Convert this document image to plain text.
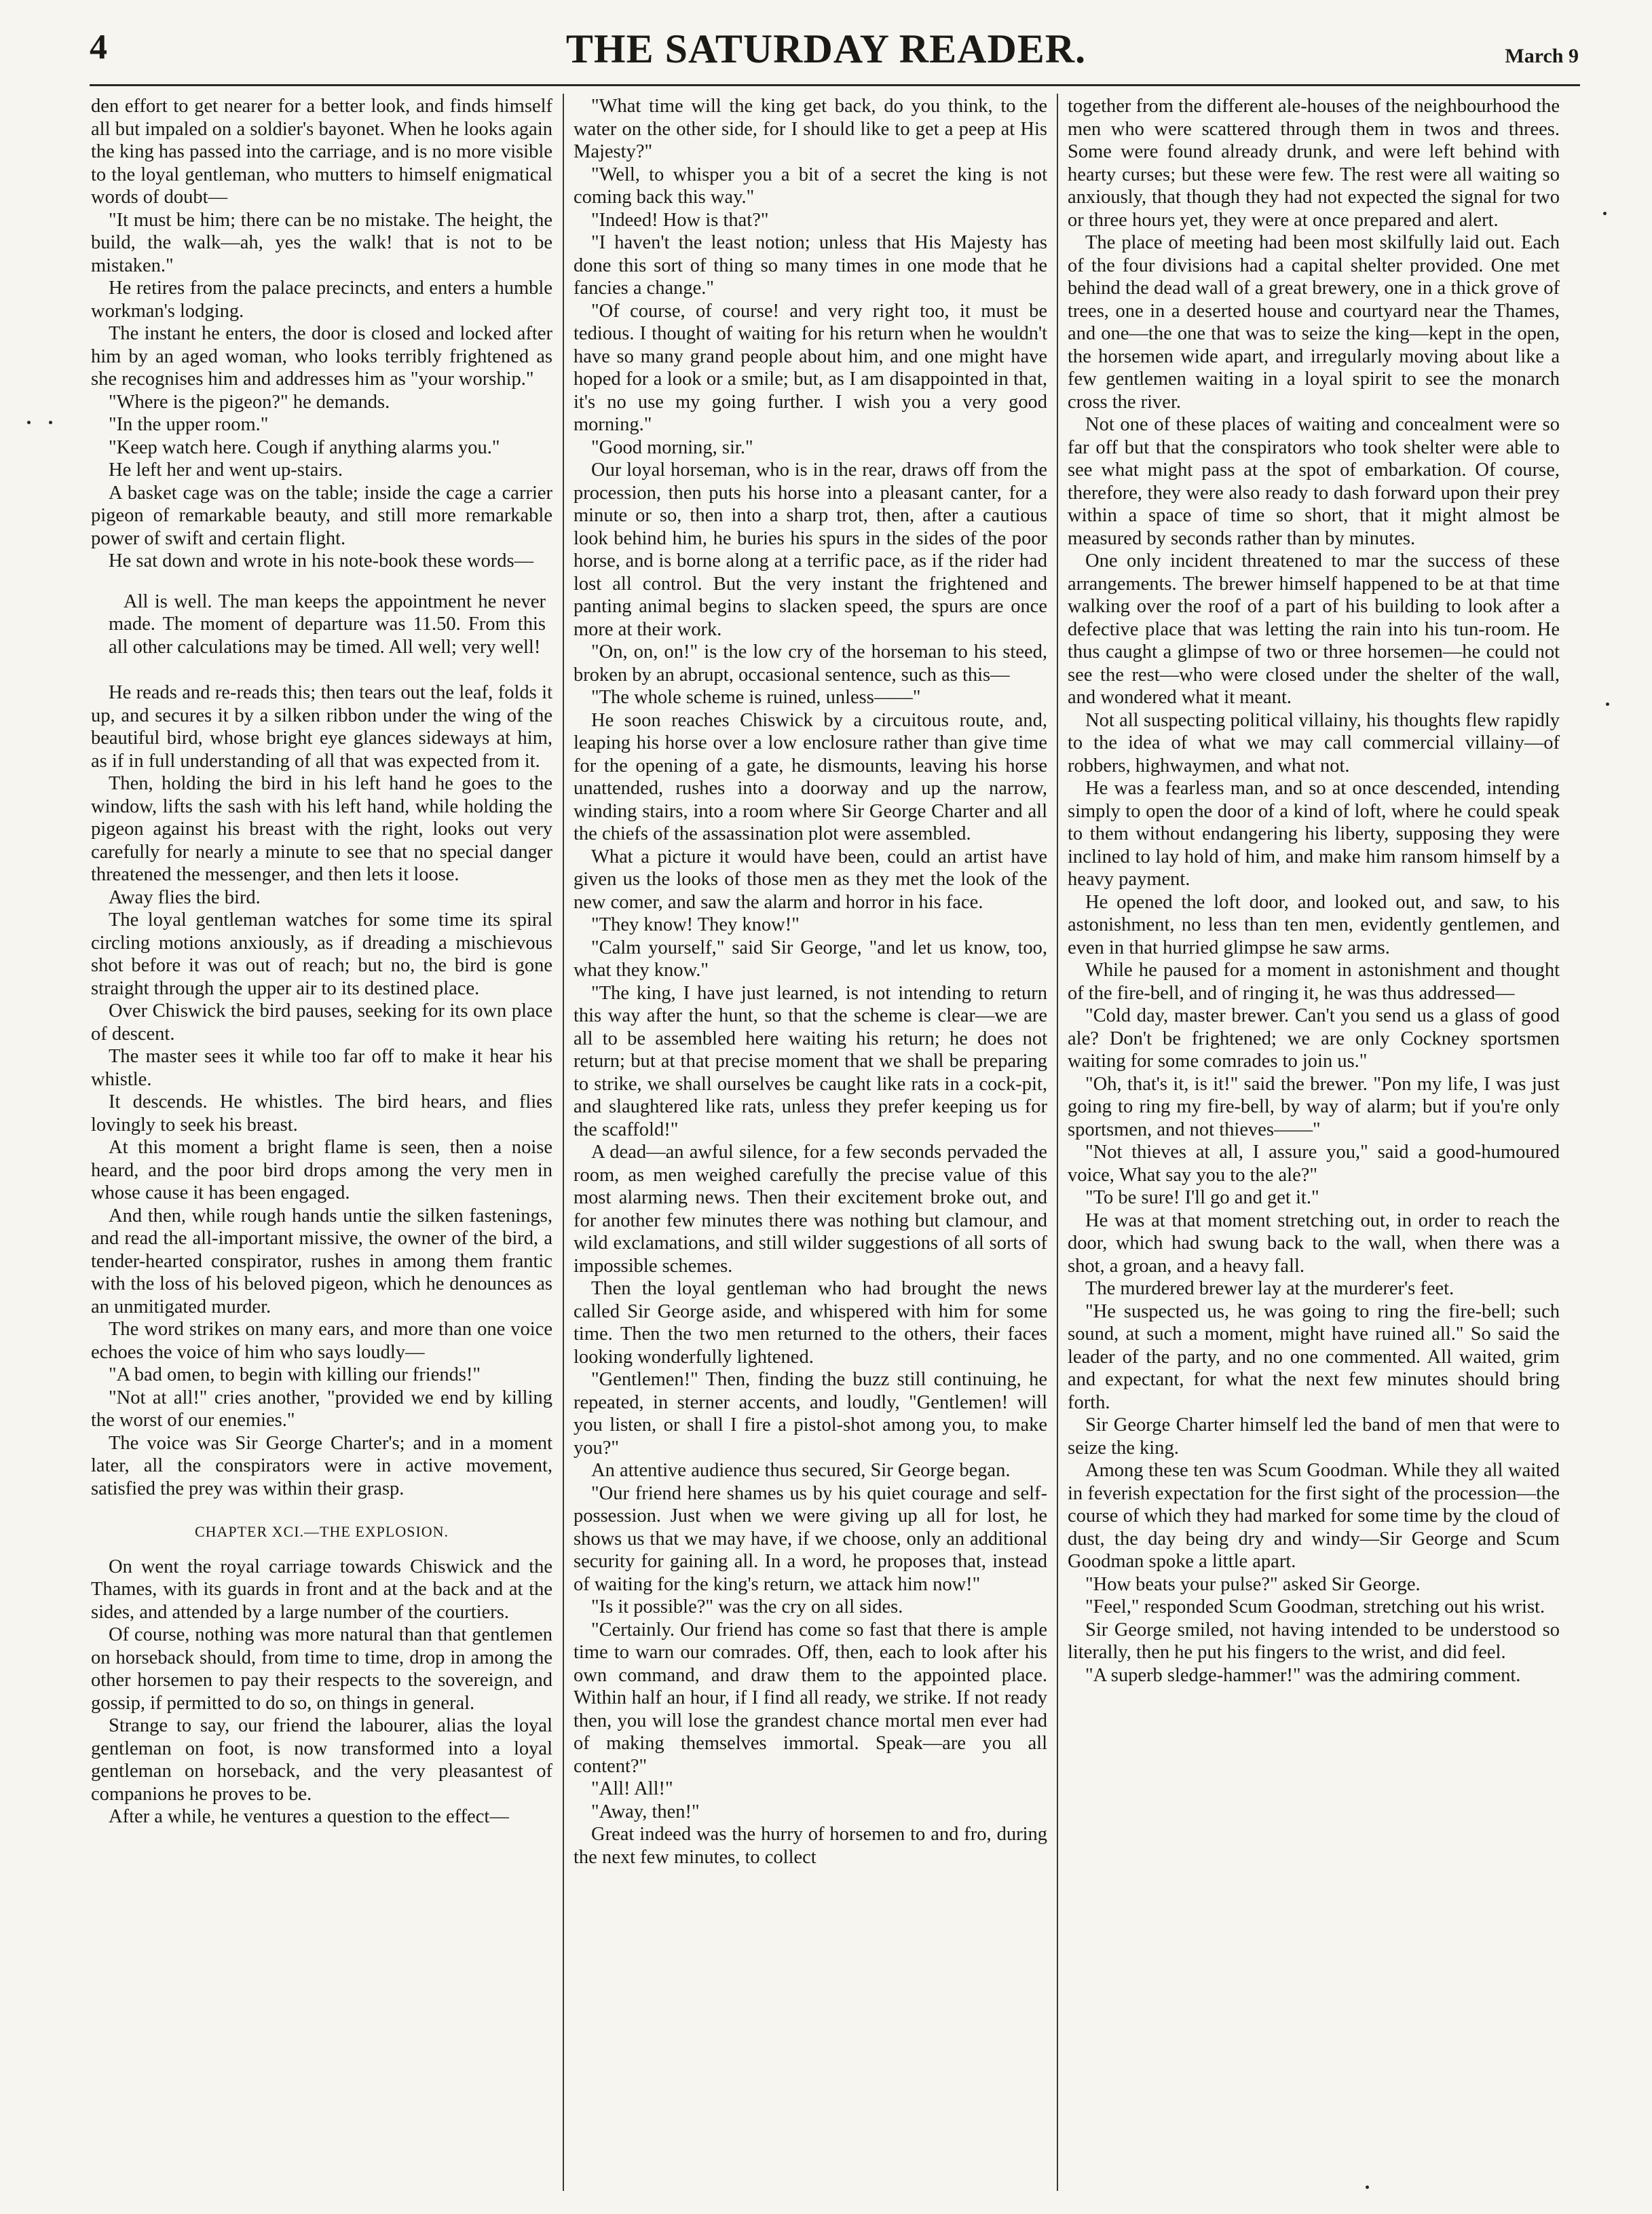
4	THE SATURDAY READER.	March 9

den effort to get nearer for a better look, and finds himself all but impaled on a soldier's bayonet. When he looks again the king has passed into the carriage, and is no more visible to the loyal gentleman, who mutters to himself enigmatical words of doubt—

"It must be him; there can be no mistake. The height, the build, the walk—ah, yes the walk! that is not to be mistaken."

He retires from the palace precincts, and enters a humble workman's lodging.

The instant he enters, the door is closed and locked after him by an aged woman, who looks terribly frightened as she recognises him and addresses him as "your worship."

"Where is the pigeon?" he demands.

"In the upper room."

"Keep watch here. Cough if anything alarms you."

He left her and went up-stairs.

A basket cage was on the table; inside the cage a carrier pigeon of remarkable beauty, and still more remarkable power of swift and certain flight.

He sat down and wrote in his note-book these words—

All is well. The man keeps the appointment he never made. The moment of departure was 11.50. From this all other calculations may be timed. All well; very well!

He reads and re-reads this; then tears out the leaf, folds it up, and secures it by a silken ribbon under the wing of the beautiful bird, whose bright eye glances sideways at him, as if in full understanding of all that was expected from it.

Then, holding the bird in his left hand he goes to the window, lifts the sash with his left hand, while holding the pigeon against his breast with the right, looks out very carefully for nearly a minute to see that no special danger threatened the messenger, and then lets it loose.

Away flies the bird.

The loyal gentleman watches for some time its spiral circling motions anxiously, as if dreading a mischievous shot before it was out of reach; but no, the bird is gone straight through the upper air to its destined place.

Over Chiswick the bird pauses, seeking for its own place of descent.

The master sees it while too far off to make it hear his whistle.

It descends. He whistles. The bird hears, and flies lovingly to seek his breast.

At this moment a bright flame is seen, then a noise heard, and the poor bird drops among the very men in whose cause it has been engaged.

And then, while rough hands untie the silken fastenings, and read the all-important missive, the owner of the bird, a tender-hearted conspirator, rushes in among them frantic with the loss of his beloved pigeon, which he denounces as an unmitigated murder.

The word strikes on many ears, and more than one voice echoes the voice of him who says loudly—

"A bad omen, to begin with killing our friends!"

"Not at all!" cries another, "provided we end by killing the worst of our enemies."

The voice was Sir George Charter's; and in a moment later, all the conspirators were in active movement, satisfied the prey was within their grasp.

CHAPTER XCI.—THE EXPLOSION.

On went the royal carriage towards Chiswick and the Thames, with its guards in front and at the back and at the sides, and attended by a large number of the courtiers.

Of course, nothing was more natural than that gentlemen on horseback should, from time to time, drop in among the other horsemen to pay their respects to the sovereign, and gossip, if permitted to do so, on things in general.

Strange to say, our friend the labourer, alias the loyal gentleman on foot, is now transformed into a loyal gentleman on horseback, and the very pleasantest of companions he proves to be.

After a while, he ventures a question to the effect—

"What time will the king get back, do you think, to the water on the other side, for I should like to get a peep at His Majesty?"

"Well, to whisper you a bit of a secret the king is not coming back this way."

"Indeed! How is that?"

"I haven't the least notion; unless that His Majesty has done this sort of thing so many times in one mode that he fancies a change."

"Of course, of course! and very right too, it must be tedious. I thought of waiting for his return when he wouldn't have so many grand people about him, and one might have hoped for a look or a smile; but, as I am disappointed in that, it's no use my going further. I wish you a very good morning."

"Good morning, sir."

Our loyal horseman, who is in the rear, draws off from the procession, then puts his horse into a pleasant canter, for a minute or so, then into a sharp trot, then, after a cautious look behind him, he buries his spurs in the sides of the poor horse, and is borne along at a terrific pace, as if the rider had lost all control. But the very instant the frightened and panting animal begins to slacken speed, the spurs are once more at their work.

"On, on, on!" is the low cry of the horseman to his steed, broken by an abrupt, occasional sentence, such as this—

"The whole scheme is ruined, unless——"

He soon reaches Chiswick by a circuitous route, and, leaping his horse over a low enclosure rather than give time for the opening of a gate, he dismounts, leaving his horse unattended, rushes into a doorway and up the narrow, winding stairs, into a room where Sir George Charter and all the chiefs of the assassination plot were assembled.

What a picture it would have been, could an artist have given us the looks of those men as they met the look of the new comer, and saw the alarm and horror in his face.

"They know! They know!"

"Calm yourself," said Sir George, "and let us know, too, what they know."

"The king, I have just learned, is not intending to return this way after the hunt, so that the scheme is clear—we are all to be assembled here waiting his return; he does not return; but at that precise moment that we shall be preparing to strike, we shall ourselves be caught like rats in a cock-pit, and slaughtered like rats, unless they prefer keeping us for the scaffold!"

A dead—an awful silence, for a few seconds pervaded the room, as men weighed carefully the precise value of this most alarming news. Then their excitement broke out, and for another few minutes there was nothing but clamour, and wild exclamations, and still wilder suggestions of all sorts of impossible schemes.

Then the loyal gentleman who had brought the news called Sir George aside, and whispered with him for some time. Then the two men returned to the others, their faces looking wonderfully lightened.

"Gentlemen!" Then, finding the buzz still continuing, he repeated, in sterner accents, and loudly, "Gentlemen! will you listen, or shall I fire a pistol-shot among you, to make you?"

An attentive audience thus secured, Sir George began.

"Our friend here shames us by his quiet courage and self-possession. Just when we were giving up all for lost, he shows us that we may have, if we choose, only an additional security for gaining all. In a word, he proposes that, instead of waiting for the king's return, we attack him now!"

"Is it possible?" was the cry on all sides.

"Certainly. Our friend has come so fast that there is ample time to warn our comrades. Off, then, each to look after his own command, and draw them to the appointed place. Within half an hour, if I find all ready, we strike. If not ready then, you will lose the grandest chance mortal men ever had of making themselves immortal. Speak—are you all content?"

"All! All!"

"Away, then!"

Great indeed was the hurry of horsemen to and fro, during the next few minutes, to collect

together from the different ale-houses of the neighbourhood the men who were scattered through them in twos and threes. Some were found already drunk, and were left behind with hearty curses; but these were few. The rest were all waiting so anxiously, that though they had not expected the signal for two or three hours yet, they were at once prepared and alert.

The place of meeting had been most skilfully laid out. Each of the four divisions had a capital shelter provided. One met behind the dead wall of a great brewery, one in a thick grove of trees, one in a deserted house and courtyard near the Thames, and one—the one that was to seize the king—kept in the open, the horsemen wide apart, and irregularly moving about like a few gentlemen waiting in a loyal spirit to see the monarch cross the river.

Not one of these places of waiting and concealment were so far off but that the conspirators who took shelter were able to see what might pass at the spot of embarkation. Of course, therefore, they were also ready to dash forward upon their prey within a space of time so short, that it might almost be measured by seconds rather than by minutes.

One only incident threatened to mar the success of these arrangements. The brewer himself happened to be at that time walking over the roof of a part of his building to look after a defective place that was letting the rain into his tun-room. He thus caught a glimpse of two or three horsemen—he could not see the rest—who were closed under the shelter of the wall, and wondered what it meant.

Not all suspecting political villainy, his thoughts flew rapidly to the idea of what we may call commercial villainy—of robbers, highwaymen, and what not.

He was a fearless man, and so at once descended, intending simply to open the door of a kind of loft, where he could speak to them without endangering his liberty, supposing they were inclined to lay hold of him, and make him ransom himself by a heavy payment.

He opened the loft door, and looked out, and saw, to his astonishment, no less than ten men, evidently gentlemen, and even in that hurried glimpse he saw arms.

While he paused for a moment in astonishment and thought of the fire-bell, and of ringing it, he was thus addressed—

"Cold day, master brewer. Can't you send us a glass of good ale? Don't be frightened; we are only Cockney sportsmen waiting for some comrades to join us."

"Oh, that's it, is it!" said the brewer. "Pon my life, I was just going to ring my fire-bell, by way of alarm; but if you're only sportsmen, and not thieves——"

"Not thieves at all, I assure you," said a good-humoured voice, What say you to the ale?"

"To be sure! I'll go and get it."

He was at that moment stretching out, in order to reach the door, which had swung back to the wall, when there was a shot, a groan, and a heavy fall.

The murdered brewer lay at the murderer's feet.

"He suspected us, he was going to ring the fire-bell; such sound, at such a moment, might have ruined all." So said the leader of the party, and no one commented. All waited, grim and expectant, for what the next few minutes should bring forth.

Sir George Charter himself led the band of men that were to seize the king.

Among these ten was Scum Goodman. While they all waited in feverish expectation for the first sight of the procession—the course of which they had marked for some time by the cloud of dust, the day being dry and windy—Sir George and Scum Goodman spoke a little apart.

"How beats your pulse?" asked Sir George.

"Feel," responded Scum Goodman, stretching out his wrist.

Sir George smiled, not having intended to be understood so literally, then he put his fingers to the wrist, and did feel.

"A superb sledge-hammer!" was the admiring comment.
